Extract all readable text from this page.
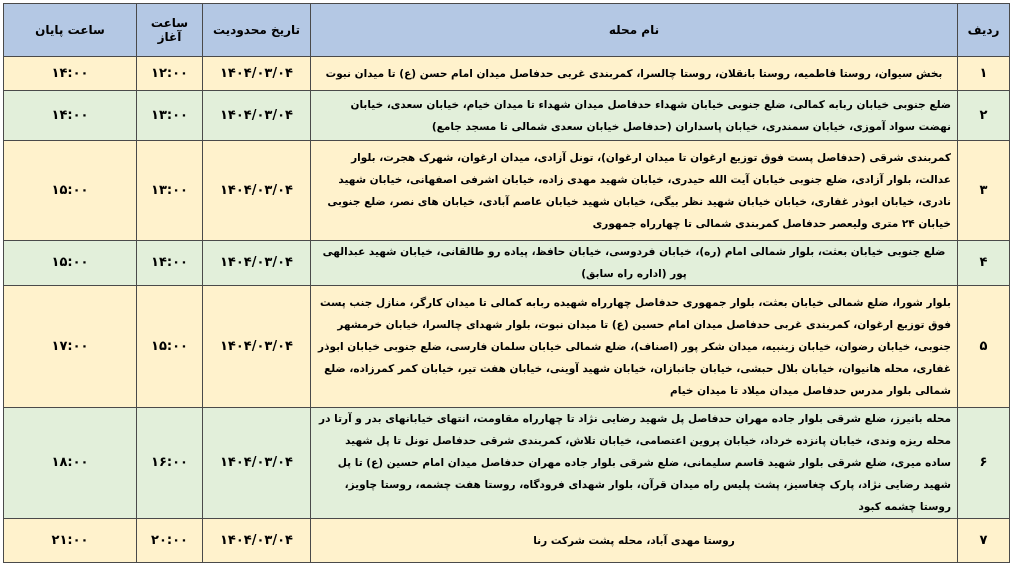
ردیف	نام محله	تاریخ محدودیت	ساعت آغاز	ساعت پایان
۱	بخش سیوان، روستا فاطمیه، روستا بانقلان، روستا چالسرا، کمربندی غربی حدفاصل میدان امام حسن (ع) تا میدان نبوت	۱۴۰۴/۰۳/۰۴	۱۲:۰۰	۱۴:۰۰
۲	ضلع جنوبی خیابان ربابه کمالی، ضلع جنوبی خیابان شهداء حدفاصل میدان شهداء تا میدان خیام، خیابان سعدی، خیابان نهضت سواد آموزی، خیابان سمندری، خیابان پاسداران (حدفاصل خیابان سعدی شمالی تا مسجد جامع)	۱۴۰۴/۰۳/۰۴	۱۳:۰۰	۱۴:۰۰
۳	کمربندی شرقی (حدفاصل پست فوق توزیع ارغوان تا میدان ارغوان)، تونل آزادی، میدان ارغوان، شهرک هجرت، بلوار عدالت، بلوار آزادی، ضلع جنوبی خیابان آیت الله حیدری، خیابان شهید مهدی زاده، خیابان اشرفی اصفهانی، خیابان شهید نادری، خیابان ابوذر غفاری، خیابان خیابان شهید نظر بیگی، خیابان شهید خیابان عاصم آبادی، خیابان های نصر، ضلع جنوبی خیابان ۲۴ متری ولیعصر حدفاصل کمربندی شمالی تا چهارراه جمهوری	۱۴۰۴/۰۳/۰۴	۱۳:۰۰	۱۵:۰۰
۴	ضلع جنوبی خیابان بعثت، بلوار شمالی امام (ره)، خیابان فردوسی، خیابان حافظ، پیاده رو طالقانی، خیابان شهید عبدالهی پور (اداره راه سابق)	۱۴۰۴/۰۳/۰۴	۱۴:۰۰	۱۵:۰۰
۵	بلوار شورا، ضلع شمالی خیابان بعثت، بلوار جمهوری حدفاصل چهارراه شهیده ربابه کمالی تا میدان کارگر، منازل جنب پست فوق توزیع ارغوان، کمربندی غربی حدفاصل میدان امام حسین (ع) تا میدان نبوت، بلوار شهدای چالسرا، خیابان خرمشهر جنوبی، خیابان رضوان، خیابان زینبیه، میدان شکر پور (اصناف)، ضلع شمالی خیابان سلمان فارسی، ضلع جنوبی خیابان ابوذر غفاری، محله هانیوان، خیابان بلال حبشی، خیابان جانبازان، خیابان شهید آوینی، خیابان هفت تیر، خیابان کمر کمرزاده، ضلع شمالی بلوار مدرس حدفاصل میدان میلاد تا میدان خیام	۱۴۰۴/۰۳/۰۴	۱۵:۰۰	۱۷:۰۰
۶	محله بانیرز، ضلع شرقی بلوار جاده مهران حدفاصل پل شهید رضایی نژاد تا چهارراه مقاومت، انتهای خیابانهای بدر و آرتا در محله ریزه وندی، خیابان پانزده خرداد، خیابان پروین اعتصامی، خیابان تلاش، کمربندی شرقی حدفاصل تونل تا پل شهید ساده میری، ضلع شرقی بلوار شهید قاسم سلیمانی، ضلع شرقی بلوار جاده مهران حدفاصل میدان امام حسین (ع) تا پل شهید رضایی نژاد، پارک چغاسیز، پشت پلیس راه میدان قرآن، بلوار شهدای فرودگاه، روستا هفت چشمه، روستا چاویز، روستا چشمه کبود	۱۴۰۴/۰۳/۰۴	۱۶:۰۰	۱۸:۰۰
۷	روستا مهدی آباد، محله پشت شرکت رنا	۱۴۰۴/۰۳/۰۴	۲۰:۰۰	۲۱:۰۰
